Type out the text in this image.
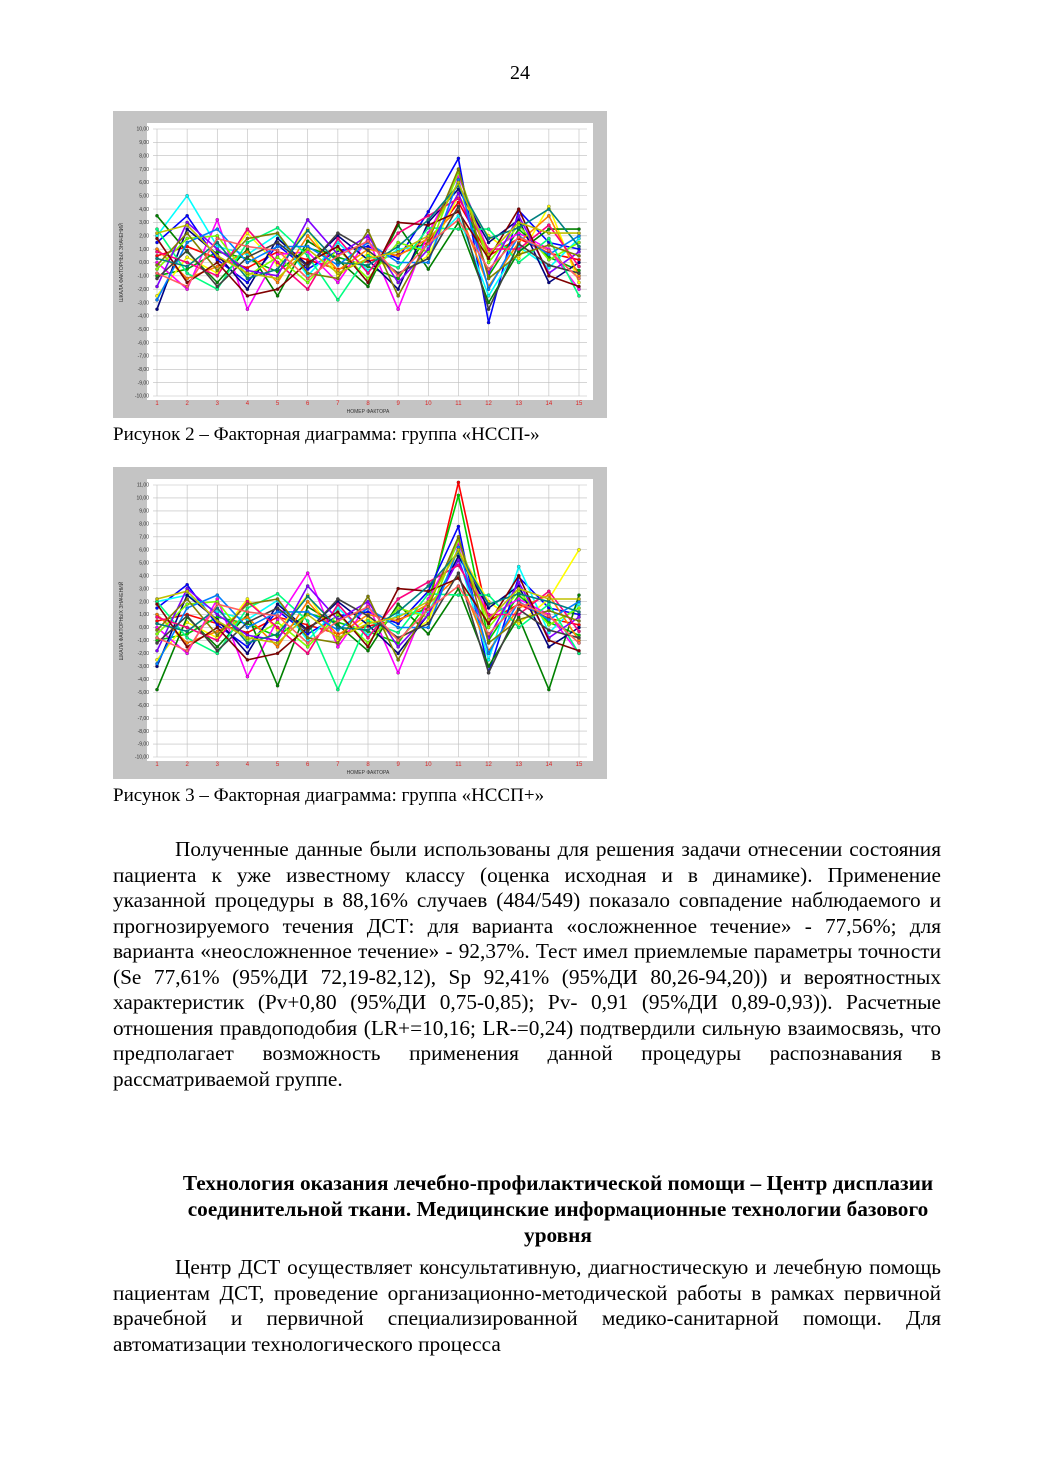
24
10,00
9,00
8,00
7,00
6,00
5,00
4,00
3,00
2,00
1,00
0,00
-1,00
-2,00
-3,00
-4,00
-5,00
-6,00
-7,00
-8,00
-9,00
-10,00
1	2	3	4	5	6	7	8	9	10	11	12	13	14	15
НОМЕР ФАКТОРА
ШКАЛА ФАКТОРНЫХ ЗНАЧЕНИЙ
Рисунок 2 – Факторная диаграмма: группа «НССП-»
11,00
10,00
9,00
8,00
7,00
6,00
5,00
4,00
3,00
2,00
1,00
0,00
-1,00
-2,00
-3,00
-4,00
-5,00
-6,00
-7,00
-8,00
-9,00
-10,00
1	2	3	4	5	6	7	8	9	10	11	12	13	14	15
НОМЕР ФАКТОРА
ШКАЛА ФАКТОРНЫХ ЗНАЧЕНИЙ
Рисунок 3 – Факторная диаграмма: группа «НССП+»

Полученные данные были использованы для решения задачи отнесении состояния пациента к уже известному классу (оценка исходная и в динамике). Применение указанной процедуры в 88,16% случаев (484/549) показало совпадение наблюдаемого и прогнозируемого течения ДСТ: для варианта «осложненное течение» - 77,56%; для варианта «неосложненное течение» - 92,37%. Тест имел приемлемые параметры точности (Se 77,61% (95%ДИ 72,19-82,12), Sp 92,41% (95%ДИ 80,26-94,20)) и вероятностных характеристик (Pv+0,80 (95%ДИ 0,75-0,85); Pv- 0,91 (95%ДИ 0,89-0,93)). Расчетные отношения правдоподобия (LR+=10,16; LR-=0,24) подтвердили сильную взаимосвязь, что предполагает возможность применения данной процедуры распознавания в рассматриваемой группе.

Технология оказания лечебно-профилактической помощи – Центр дисплазии соединительной ткани. Медицинские информационные технологии базового уровня

Центр ДСТ осуществляет консультативную, диагностическую и лечебную помощь пациентам ДСТ, проведение организационно-методической работы в рамках первичной врачебной и первичной специализированной медико-санитарной помощи. Для автоматизации технологического процесса
